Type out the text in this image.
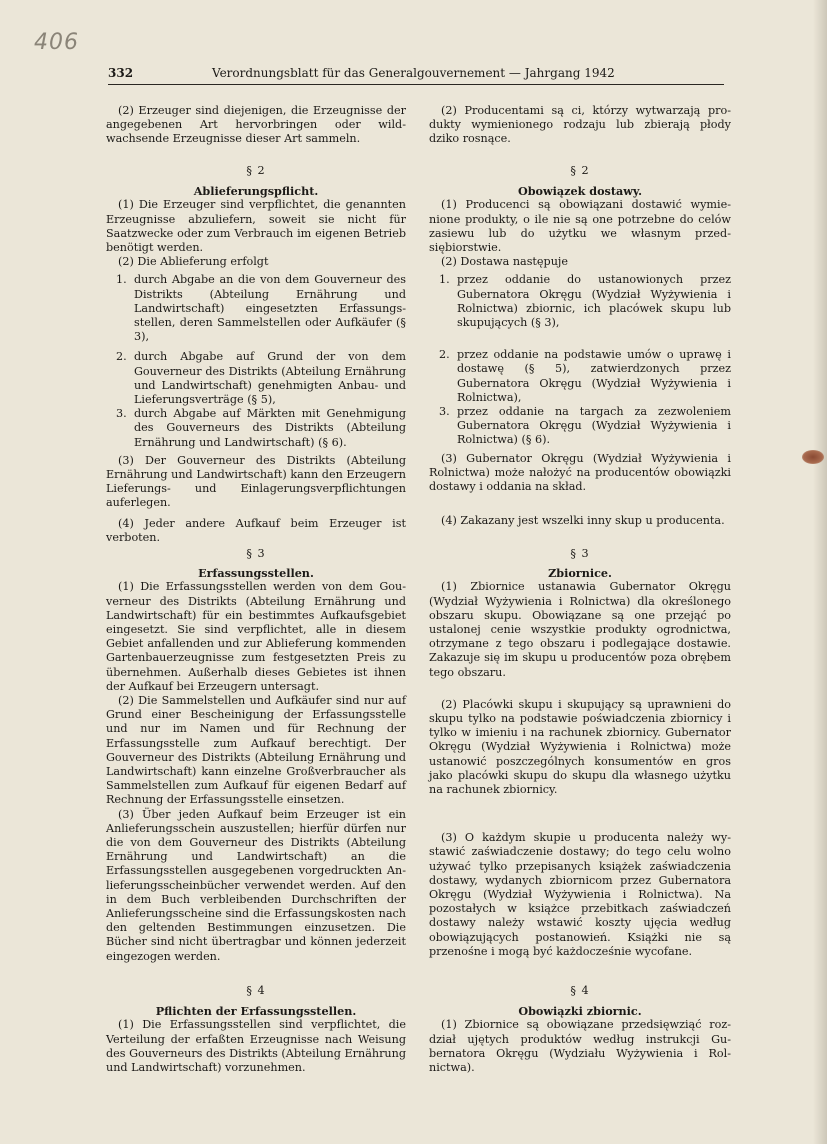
406
332	Verordnungsblatt für das Generalgouvernement — Jahrgang 1942

(2) Erzeuger sind diejenigen, die Erzeugnisse der angegebenen Art hervorbringen oder wildwachsende Erzeugnisse dieser Art sammeln.

§ 2

Ablieferungspflicht.

(1) Die Erzeuger sind verpflichtet, die genannten Erzeugnisse abzuliefern, soweit sie nicht für Saatzwecke oder zum Verbrauch im eigenen Betrieb benötigt werden.

(2) Die Ablieferung erfolgt

1. durch Abgabe an die von dem Gouverneur des Distrikts (Abteilung Ernährung und Landwirtschaft) eingesetzten Erfassungsstellen, deren Sammelstellen oder Aufkäufer (§ 3),
2. durch Abgabe auf Grund der von dem Gouverneur des Distrikts (Abteilung Ernährung und Landwirtschaft) genehmigten Anbau- und Lieferungsverträge (§ 5),
3. durch Abgabe auf Märkten mit Genehmigung des Gouverneurs des Distrikts (Abteilung Ernährung und Landwirtschaft) (§ 6).

(3) Der Gouverneur des Distrikts (Abteilung Ernährung und Landwirtschaft) kann den Erzeugern Lieferungs- und Einlagerungsverpflichtungen auferlegen.

(4) Jeder andere Aufkauf beim Erzeuger ist verboten.

§ 3

Erfassungsstellen.

(1) Die Erfassungsstellen werden von dem Gouverneur des Distrikts (Abteilung Ernährung und Landwirtschaft) für ein bestimmtes Aufkaufsgebiet eingesetzt. Sie sind verpflichtet, alle in diesem Gebiet anfallenden und zur Ablieferung kommenden Gartenbauerzeugnisse zum festgesetzten Preis zu übernehmen. Außerhalb dieses Gebietes ist ihnen der Aufkauf bei Erzeugern untersagt.

(2) Die Sammelstellen und Aufkäufer sind nur auf Grund einer Bescheinigung der Erfassungsstelle und nur im Namen und für Rechnung der Erfassungsstelle zum Aufkauf berechtigt. Der Gouverneur des Distrikts (Abteilung Ernährung und Landwirtschaft) kann einzelne Großverbraucher als Sammelstellen zum Aufkauf für eigenen Bedarf auf Rechnung der Erfassungsstelle einsetzen.

(3) Über jeden Aufkauf beim Erzeuger ist ein Anlieferungsschein auszustellen; hierfür dürfen nur die von dem Gouverneur des Distrikts (Abteilung Ernährung und Landwirtschaft) an die Erfassungsstellen ausgegebenen vorgedruckten Anlieferungsscheinbücher verwendet werden. Auf den in dem Buch verbleibenden Durchschriften der Anlieferungsscheine sind die Erfassungskosten nach den geltenden Bestimmungen einzusetzen. Die Bücher sind nicht übertragbar und können jederzeit eingezogen werden.

§ 4

Pflichten der Erfassungsstellen.

(1) Die Erfassungsstellen sind verpflichtet, die Verteilung der erfaßten Erzeugnisse nach Weisung des Gouverneurs des Distrikts (Abteilung Ernährung und Landwirtschaft) vorzunehmen.

(2) Producentami są ci, którzy wytwarzają produkty wymienionego rodzaju lub zbierają płody dziko rosnące.

§ 2

Obowiązek dostawy.

(1) Producenci są obowiązani dostawić wymienione produkty, o ile nie są one potrzebne do celów zasiewu lub do użytku we własnym przedsiębiorstwie.

(2) Dostawa następuje

1. przez oddanie do ustanowionych przez Gubernatora Okręgu (Wydział Wyżywienia i Rolnictwa) zbiornic, ich placówek skupu lub skupujących (§ 3),
2. przez oddanie na podstawie umów o uprawę i dostawę (§ 5), zatwierdzonych przez Gubernatora Okręgu (Wydział Wyżywienia i Rolnictwa),
3. przez oddanie na targach za zezwoleniem Gubernatora Okręgu (Wydział Wyżywienia i Rolnictwa) (§ 6).

(3) Gubernator Okręgu (Wydział Wyżywienia i Rolnictwa) może nałożyć na producentów obowiązki dostawy i oddania na skład.

(4) Zakazany jest wszelki inny skup u producenta.

§ 3

Zbiornice.

(1) Zbiornice ustanawia Gubernator Okręgu (Wydział Wyżywienia i Rolnictwa) dla określonego obszaru skupu. Obowiązane są one przejąć po ustalonej cenie wszystkie produkty ogrodnictwa, otrzymane z tego obszaru i podlegające dostawie. Zakazuje się im skupu u producentów poza obrębem tego obszaru.

(2) Placówki skupu i skupujący są uprawnieni do skupu tylko na podstawie poświadczenia zbiornicy i tylko w imieniu i na rachunek zbiornicy. Gubernator Okręgu (Wydział Wyżywienia i Rolnictwa) może ustanowić poszczególnych konsumentów en gros jako placówki skupu do skupu dla własnego użytku na rachunek zbiornicy.

(3) O każdym skupie u producenta należy wystawić zaświadczenie dostawy; do tego celu wolno używać tylko przepisanych książek zaświadczenia dostawy, wydanych zbiornicom przez Gubernatora Okręgu (Wydział Wyżywienia i Rolnictwa). Na pozostałych w książce przebitkach zaświadczeń dostawy należy wstawić koszty ujęcia według obowiązujących postanowień. Książki nie są przenośne i mogą być każdocześnie wycofane.

§ 4

Obowiązki zbiornic.

(1) Zbiornice są obowiązane przedsięwziąć rozdział ujętych produktów według instrukcji Gubernatora Okręgu (Wydziału Wyżywienia i Rolnictwa).
